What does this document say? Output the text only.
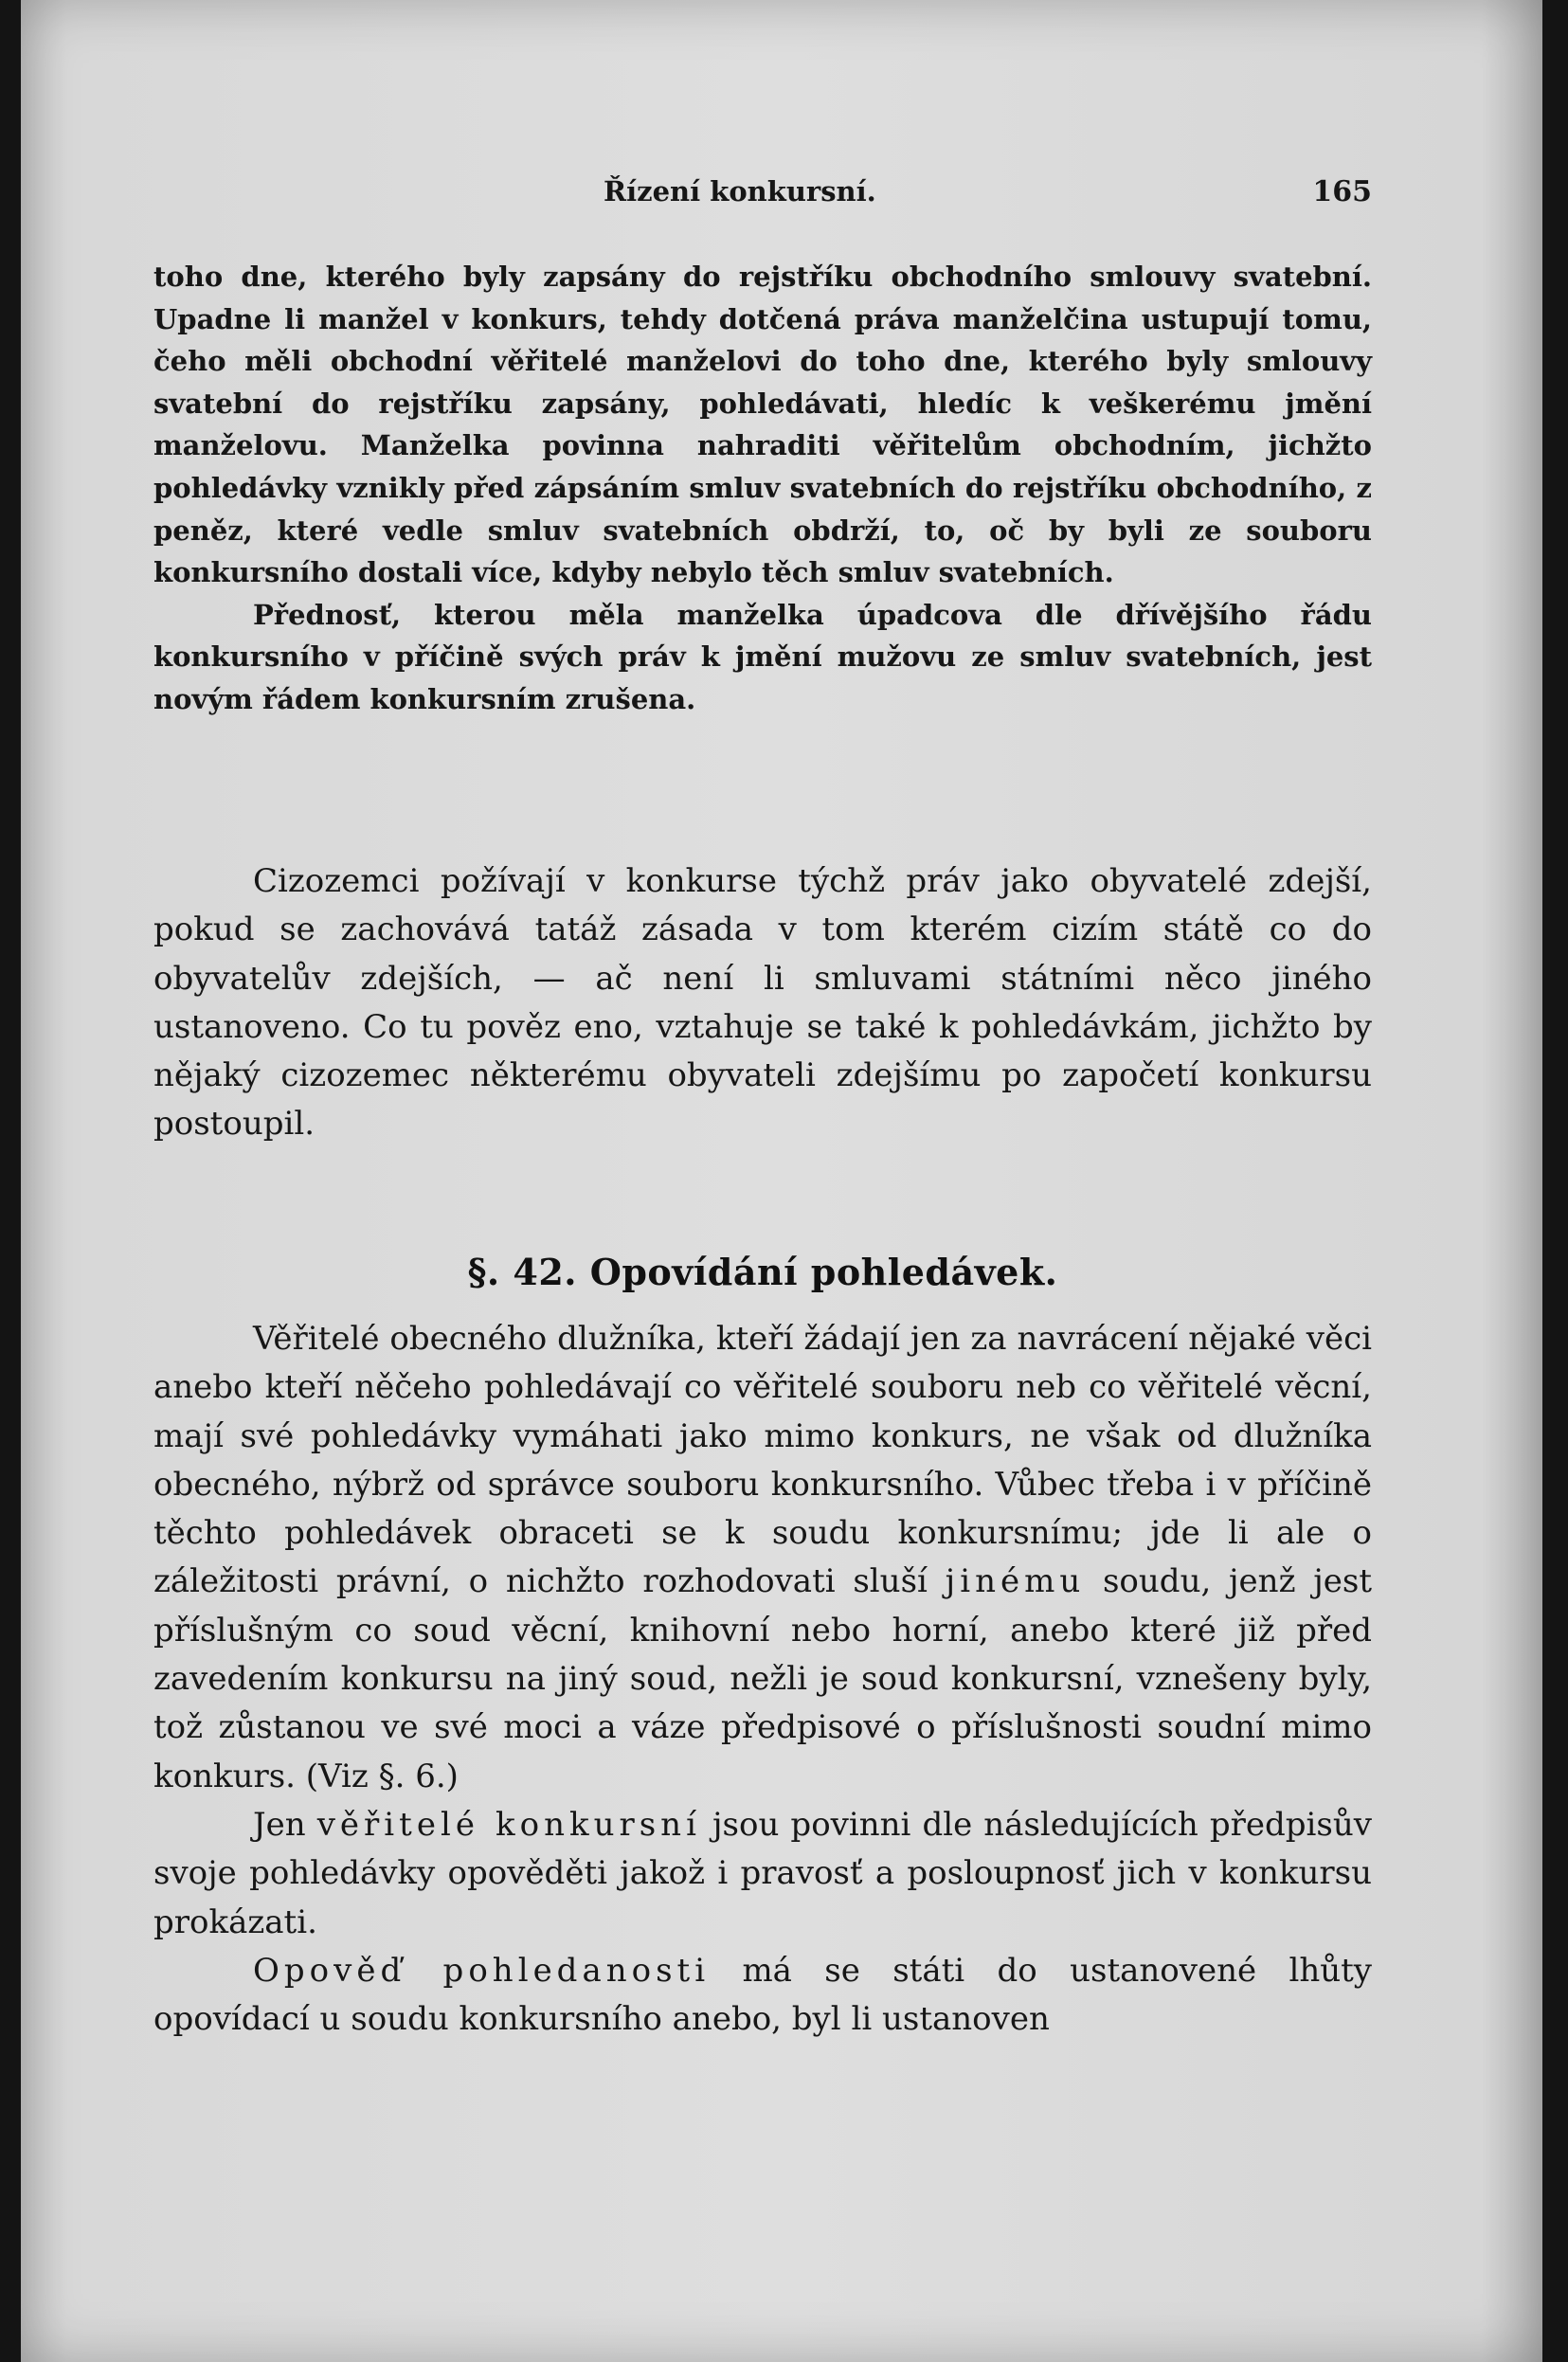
Řízení konkursní.	165

toho dne, kterého byly zapsány do rejstříku obchodního smlouvy svatební. Upadne li manžel v konkurs, tehdy dotčená práva manželčina ustupují tomu, čeho měli obchodní věřitelé manželovi do toho dne, kterého byly smlouvy svatební do rejstříku zapsány, pohledávati, hledíc k veškerému jmění manželovu. Manželka povinna nahraditi věřitelům obchodním, jichžto pohledávky vznikly před zápsáním smluv svatebních do rejstříku obchodního, z peněz, které vedle smluv svatebních obdrží, to, oč by byli ze souboru konkursního dostali více, kdyby nebylo těch smluv svatebních.

Přednosť, kterou měla manželka úpadcova dle dřívějšího řádu konkursního v příčině svých práv k jmění mužovu ze smluv svatebních, jest novým řádem konkursním zrušena.

Cizozemci požívají v konkurse týchž práv jako obyvatelé zdejší, pokud se zachovává tatáž zásada v tom kterém cizím státě co do obyvatelův zdejších, — ač není li smluvami státními něco jiného ustanoveno. Co tu pověz eno, vztahuje se také k pohledávkám, jichžto by nějaký cizozemec některému obyvateli zdejšímu po započetí konkursu postoupil.

§. 42. Opovídání pohledávek.

Věřitelé obecného dlužníka, kteří žádají jen za navrácení nějaké věci anebo kteří něčeho pohledávají co věřitelé souboru neb co věřitelé věcní, mají své pohledávky vymáhati jako mimo konkurs, ne však od dlužníka obecného, nýbrž od správce souboru konkursního. Vůbec třeba i v příčině těchto pohledávek obraceti se k soudu konkursnímu; jde li ale o záležitosti právní, o nichžto rozhodovati sluší jinému soudu, jenž jest příslušným co soud věcní, knihovní nebo horní, anebo které již před zavedením konkursu na jiný soud, nežli je soud konkursní, vznešeny byly, tož zůstanou ve své moci a váze předpisové o příslušnosti soudní mimo konkurs. (Viz §. 6.)

Jen věřitelé konkursní jsou povinni dle následujících předpisův svoje pohledávky opověděti jakož i pravosť a posloupnosť jich v konkursu prokázati.

Opověď pohledanosti má se státi do ustanovené lhůty opovídací u soudu konkursního anebo, byl li ustanoven
